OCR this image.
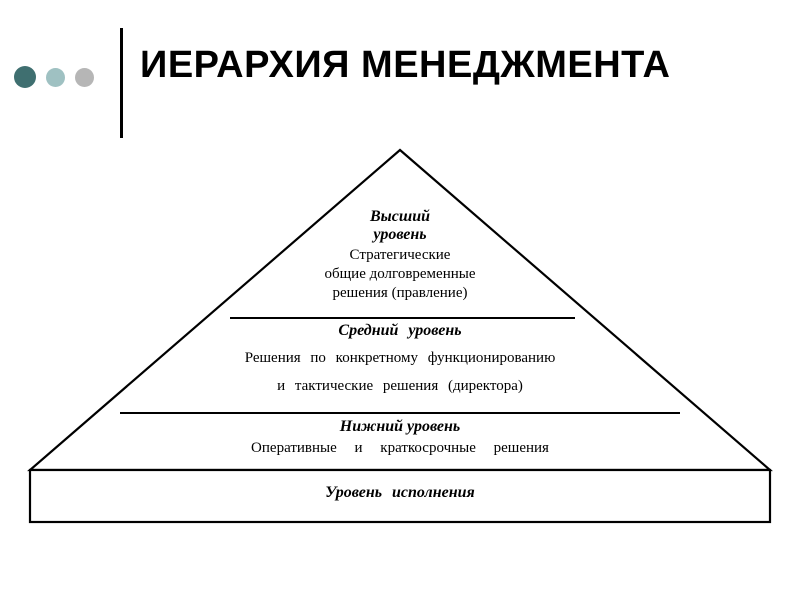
ИЕРАРХИЯ МЕНЕДЖМЕНТА
Высший
уровень
Стратегические
общие долговременные
решения (правление)
Средний уровень
Решения по конкретному функционированию
и тактические решения (директора)
Нижний уровень
Оперативные и краткосрочные решения
Уровень исполнения
